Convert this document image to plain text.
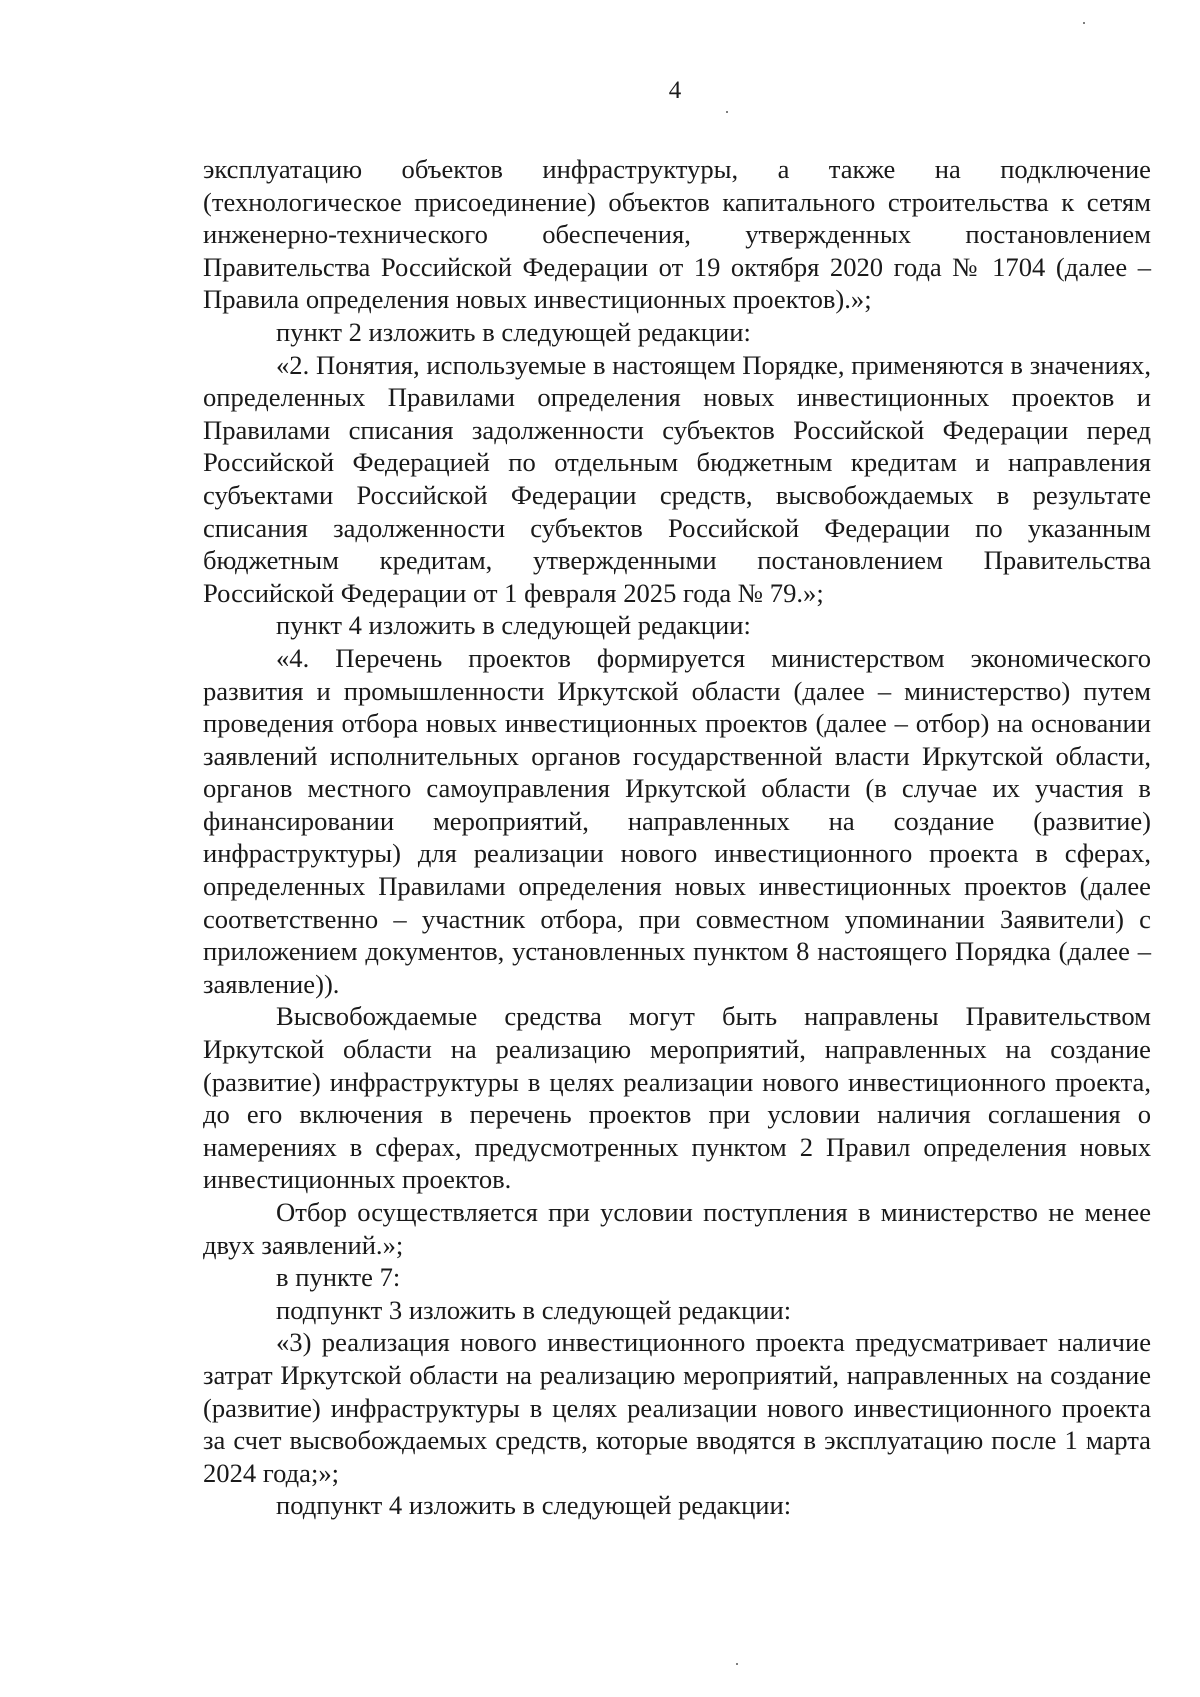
4

эксплуатацию объектов инфраструктуры, а также на подключение (технологическое присоединение) объектов капитального строительства к сетям инженерно-технического обеспечения, утвержденных постановлением Правительства Российской Федерации от 19 октября 2020 года № 1704 (далее – Правила определения новых инвестиционных проектов).»;

пункт 2 изложить в следующей редакции:

«2. Понятия, используемые в настоящем Порядке, применяются в значениях, определенных Правилами определения новых инвестиционных проектов и Правилами списания задолженности субъектов Российской Федерации перед Российской Федерацией по отдельным бюджетным кредитам и направления субъектами Российской Федерации средств, высвобождаемых в результате списания задолженности субъектов Российской Федерации по указанным бюджетным кредитам, утвержденными постановлением Правительства Российской Федерации от 1 февраля 2025 года № 79.»;

пункт 4 изложить в следующей редакции:

«4. Перечень проектов формируется министерством экономического развития и промышленности Иркутской области (далее – министерство) путем проведения отбора новых инвестиционных проектов (далее – отбор) на основании заявлений исполнительных органов государственной власти Иркутской области, органов местного самоуправления Иркутской области (в случае их участия в финансировании мероприятий, направленных на создание (развитие) инфраструктуры) для реализации нового инвестиционного проекта в сферах, определенных Правилами определения новых инвестиционных проектов (далее соответственно – участник отбора, при совместном упоминании Заявители) с приложением документов, установленных пунктом 8 настоящего Порядка (далее – заявление)).

Высвобождаемые средства могут быть направлены Правительством Иркутской области на реализацию мероприятий, направленных на создание (развитие) инфраструктуры в целях реализации нового инвестиционного проекта, до его включения в перечень проектов при условии наличия соглашения о намерениях в сферах, предусмотренных пунктом 2 Правил определения новых инвестиционных проектов.

Отбор осуществляется при условии поступления в министерство не менее двух заявлений.»;

в пункте 7:

подпункт 3 изложить в следующей редакции:

«3) реализация нового инвестиционного проекта предусматривает наличие затрат Иркутской области на реализацию мероприятий, направленных на создание (развитие) инфраструктуры в целях реализации нового инвестиционного проекта за счет высвобождаемых средств, которые вводятся в эксплуатацию после 1 марта 2024 года;»;

подпункт 4 изложить в следующей редакции:
